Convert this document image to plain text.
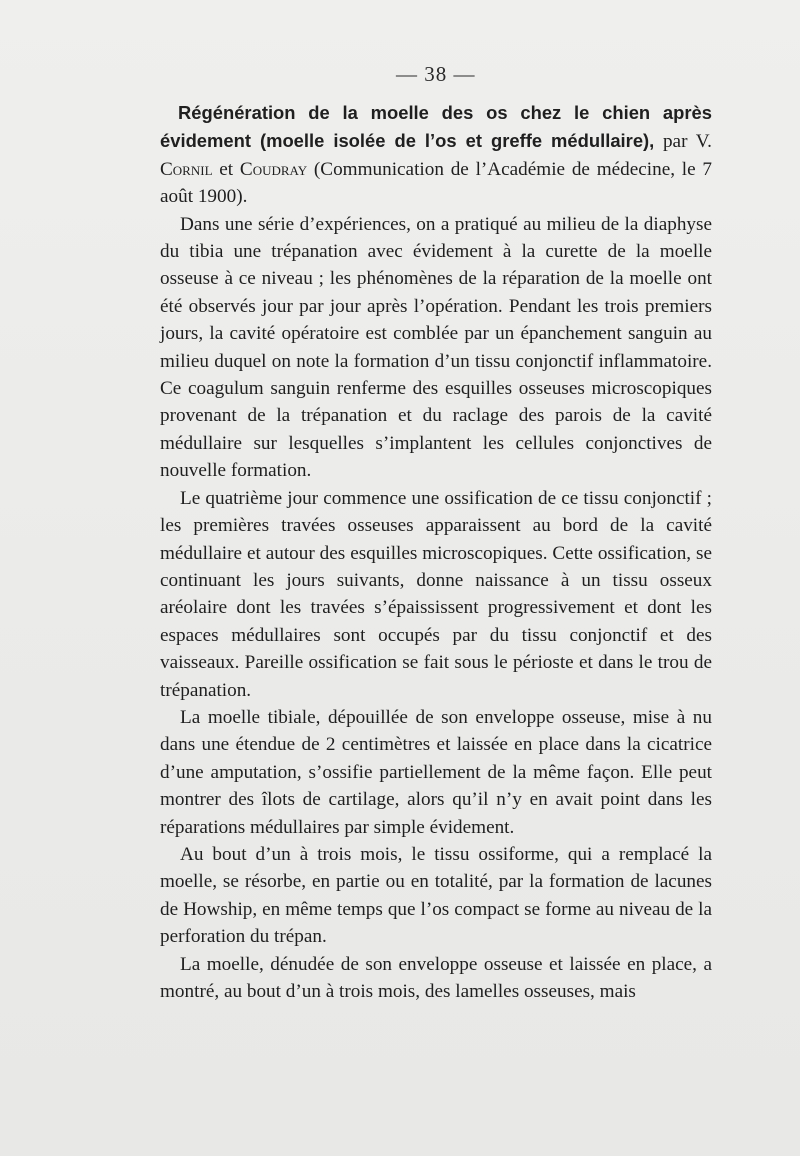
— 38 —

Régénération de la moelle des os chez le chien après évidement (moelle isolée de l’os et greffe médullaire), par V. Cornil et Coudray (Communication de l’Académie de médecine, le 7 août 1900).

Dans une série d’expériences, on a pratiqué au milieu de la diaphyse du tibia une trépanation avec évidement à la curette de la moelle osseuse à ce niveau ; les phénomènes de la réparation de la moelle ont été observés jour par jour après l’opération. Pendant les trois premiers jours, la cavité opératoire est comblée par un épanchement sanguin au milieu duquel on note la formation d’un tissu conjonctif inflammatoire. Ce coagulum sanguin renferme des esquilles osseuses microscopiques provenant de la trépanation et du raclage des parois de la cavité médullaire sur lesquelles s’implantent les cellules conjonctives de nouvelle formation.

Le quatrième jour commence une ossification de ce tissu conjonctif ; les premières travées osseuses apparaissent au bord de la cavité médullaire et autour des esquilles microscopiques. Cette ossification, se continuant les jours suivants, donne naissance à un tissu osseux aréolaire dont les travées s’épaississent progressivement et dont les espaces médullaires sont occupés par du tissu conjonctif et des vaisseaux. Pareille ossification se fait sous le périoste et dans le trou de trépanation.

La moelle tibiale, dépouillée de son enveloppe osseuse, mise à nu dans une étendue de 2 centimètres et laissée en place dans la cicatrice d’une amputation, s’ossifie partiellement de la même façon. Elle peut montrer des îlots de cartilage, alors qu’il n’y en avait point dans les réparations médullaires par simple évidement.

Au bout d’un à trois mois, le tissu ossiforme, qui a remplacé la moelle, se résorbe, en partie ou en totalité, par la formation de lacunes de Howship, en même temps que l’os compact se forme au niveau de la perforation du trépan.

La moelle, dénudée de son enveloppe osseuse et laissée en place, a montré, au bout d’un à trois mois, des lamelles osseuses, mais
